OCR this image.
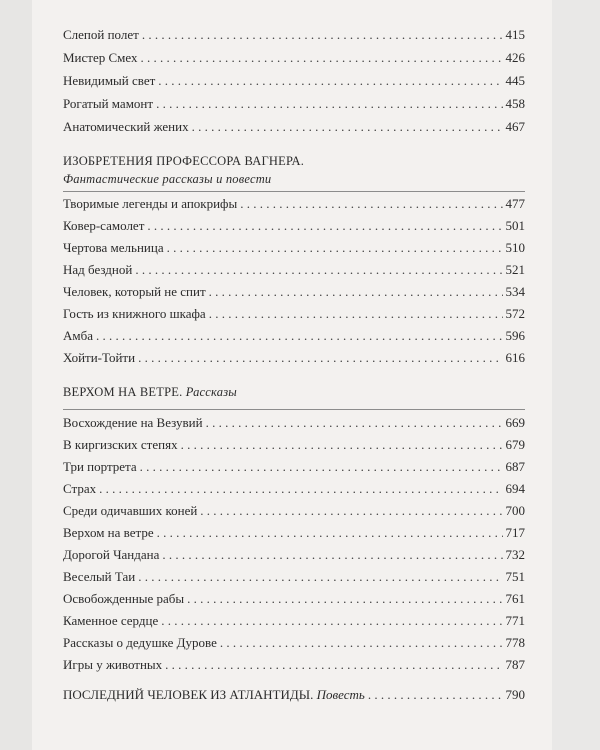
Слепой полет . . .	415
Мистер Смех . . .	426
Невидимый свет . . .	445
Рогатый мамонт . . .	458
Анатомический жених . . .	467
ИЗОБРЕТЕНИЯ ПРОФЕССОРА ВАГНЕРА.
Фантастические рассказы и повести
Творимые легенды и апокрифы . . .	477
Ковер-самолет . . .	501
Чертова мельница . . .	510
Над бездной . . .	521
Человек, который не спит . . .	534
Гость из книжного шкафа . . .	572
Амба . . .	596
Хойти-Тойти . . .	616
ВЕРХОМ НА ВЕТРЕ. Рассказы
Восхождение на Везувий . . .	669
В киргизских степях . . .	679
Три портрета . . .	687
Страх . . .	694
Среди одичавших коней . . .	700
Верхом на ветре . . .	717
Дорогой Чандана . . .	732
Веселый Таи . . .	751
Освобожденные рабы . . .	761
Каменное сердце . . .	771
Рассказы о дедушке Дурове . . .	778
Игры у животных . . .	787
ПОСЛЕДНИЙ ЧЕЛОВЕК ИЗ АТЛАНТИДЫ. Повесть . . .	790
